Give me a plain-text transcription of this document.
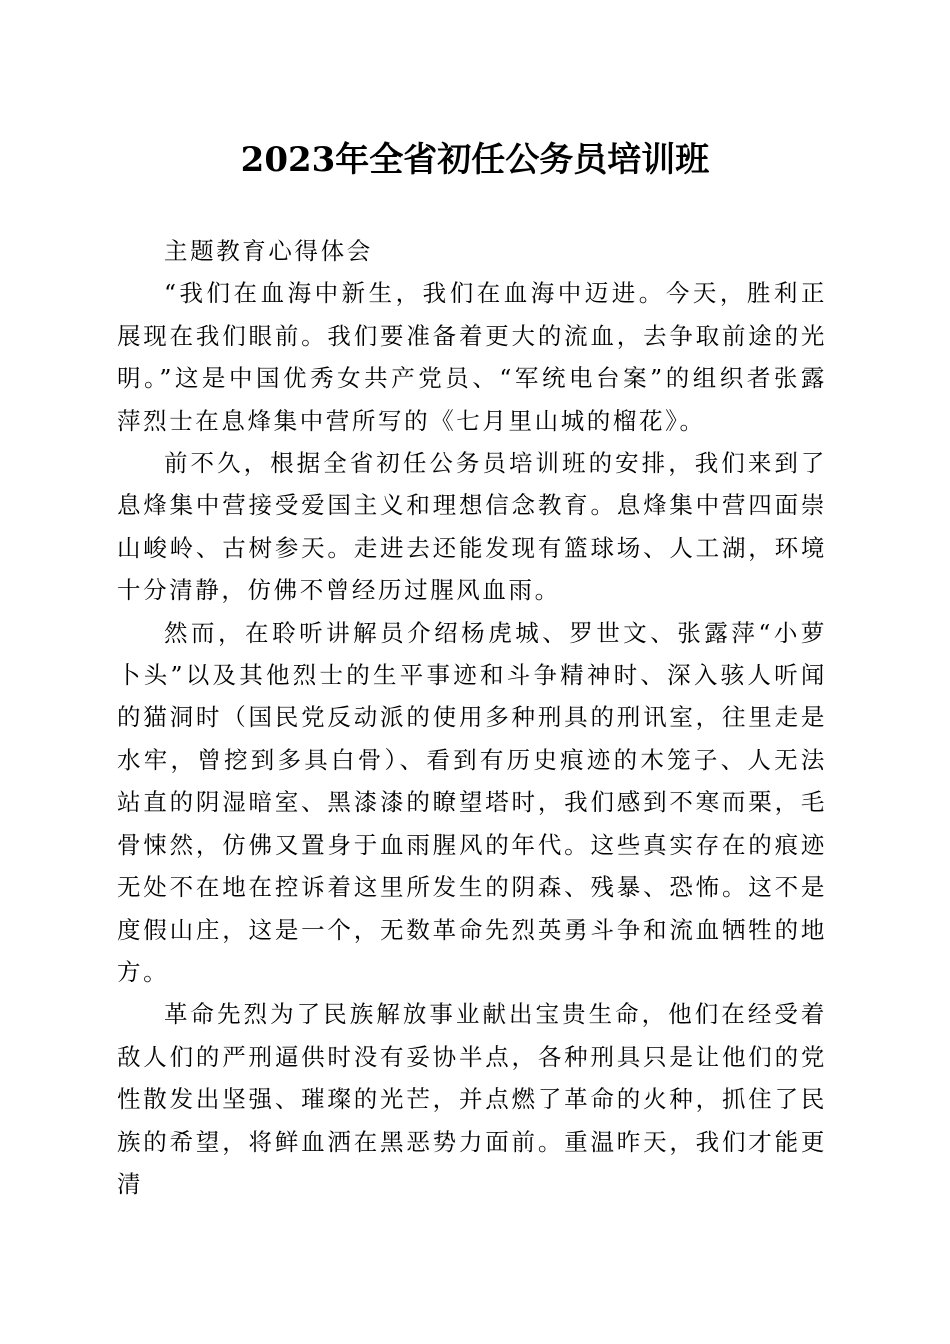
2023年全省初任公务员培训班

主题教育心得体会

“我们在血海中新生，我们在血海中迈进。今天，胜利正展现在我们眼前。我们要准备着更大的流血，去争取前途的光明。”这是中国优秀女共产党员、“军统电台案”的组织者张露萍烈士在息烽集中营所写的《七月里山城的榴花》。

前不久，根据全省初任公务员培训班的安排，我们来到了息烽集中营接受爱国主义和理想信念教育。息烽集中营四面崇山峻岭、古树参天。走进去还能发现有篮球场、人工湖，环境十分清静，仿佛不曾经历过腥风血雨。

然而，在聆听讲解员介绍杨虎城、罗世文、张露萍“小萝卜头”以及其他烈士的生平事迹和斗争精神时、深入骇人听闻的猫洞时（国民党反动派的使用多种刑具的刑讯室，往里走是水牢，曾挖到多具白骨）、看到有历史痕迹的木笼子、人无法站直的阴湿暗室、黑漆漆的瞭望塔时，我们感到不寒而栗，毛骨悚然，仿佛又置身于血雨腥风的年代。这些真实存在的痕迹无处不在地在控诉着这里所发生的阴森、残暴、恐怖。这不是度假山庄，这是一个，无数革命先烈英勇斗争和流血牺牲的地方。

革命先烈为了民族解放事业献出宝贵生命，他们在经受着敌人们的严刑逼供时没有妥协半点，各种刑具只是让他们的党性散发出坚强、璀璨的光芒，并点燃了革命的火种，抓住了民族的希望，将鲜血洒在黑恶势力面前。重温昨天，我们才能更清
